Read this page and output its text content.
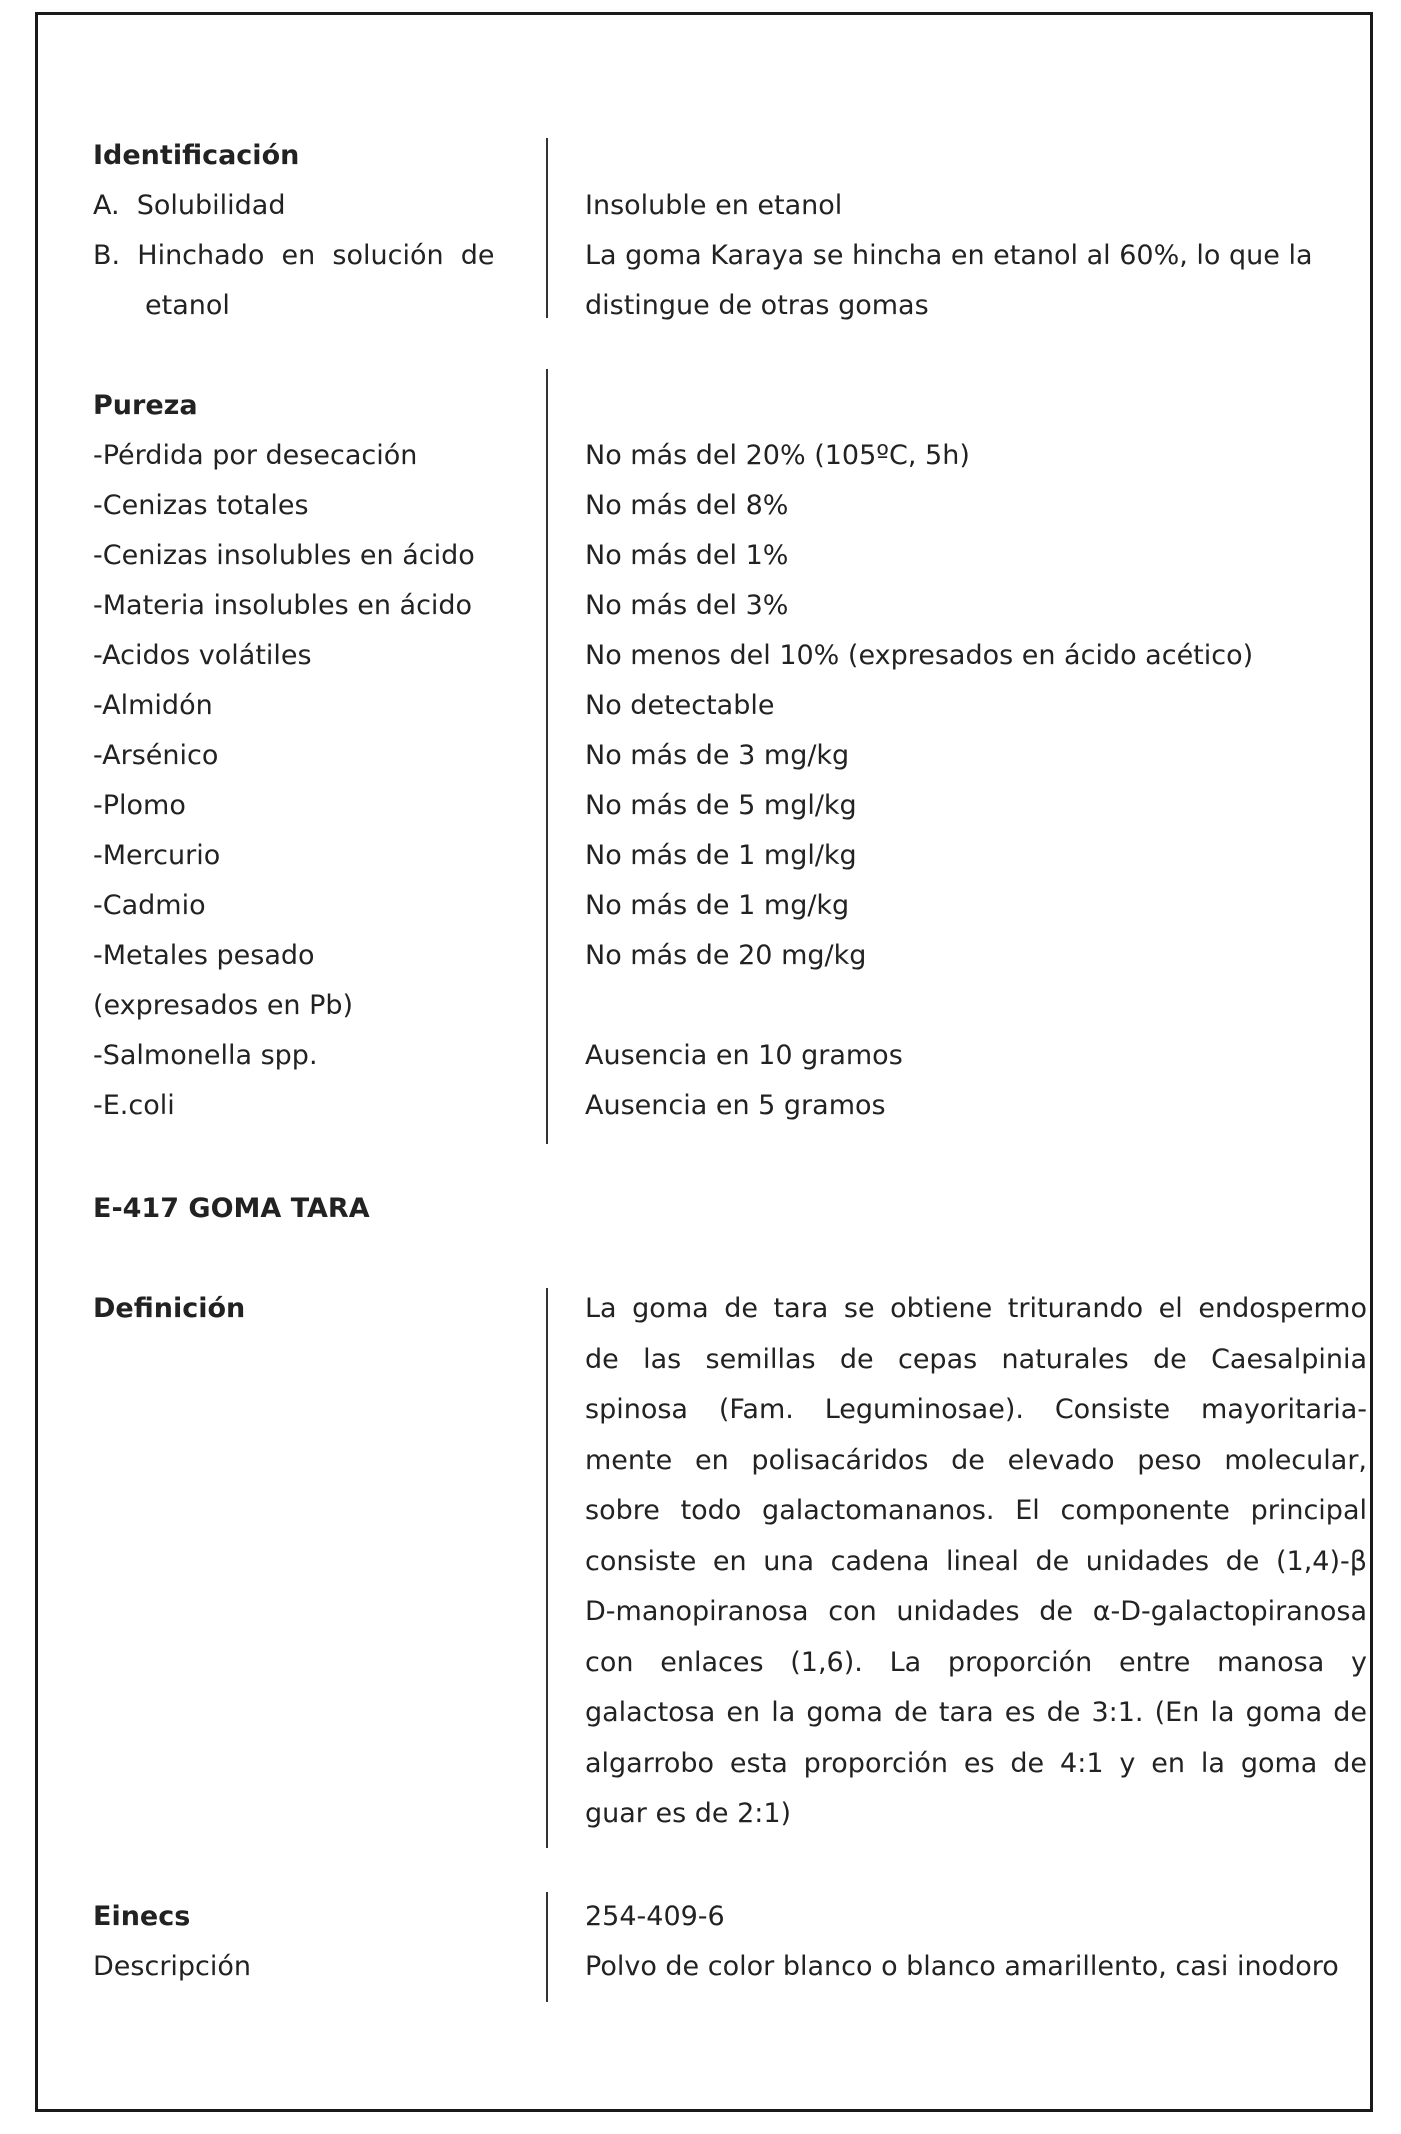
Identificación
A.  Solubilidad	Insoluble en etanol
B.  Hinchado  en  solución  de	La goma Karaya se hincha en etanol al 60%, lo que la
etanol	distingue de otras gomas
Pureza
-Pérdida por desecación	No más del 20% (105ºC, 5h)
-Cenizas totales	No más del 8%
-Cenizas insolubles en ácido	No más del 1%
-Materia insolubles en ácido	No más del 3%
-Acidos volátiles	No menos del 10% (expresados en ácido acético)
-Almidón	No detectable
-Arsénico	No más de 3 mg/kg
-Plomo	No más de 5 mgl/kg
-Mercurio	No más de 1 mgl/kg
-Cadmio	No más de 1 mg/kg
-Metales pesado	No más de 20 mg/kg
(expresados en Pb)
-Salmonella spp.	Ausencia en 10 gramos
-E.coli	Ausencia en 5 gramos
E-417 GOMA TARA
Definición	La goma de tara se obtiene triturando el endospermo
de las semillas de cepas naturales de Caesalpinia
spinosa (Fam. Leguminosae). Consiste mayoritaria-
mente en polisacáridos de elevado peso molecular,
sobre todo galactomananos. El componente principal
consiste en una cadena lineal de unidades de (1,4)-β
D-manopiranosa con unidades de α-D-galactopiranosa
con enlaces (1,6). La proporción entre manosa y
galactosa en la goma de tara es de 3:1. (En la goma de
algarrobo esta proporción es de 4:1 y en la goma de
guar es de 2:1)
Einecs	254-409-6
Descripción	Polvo de color blanco o blanco amarillento, casi inodoro
